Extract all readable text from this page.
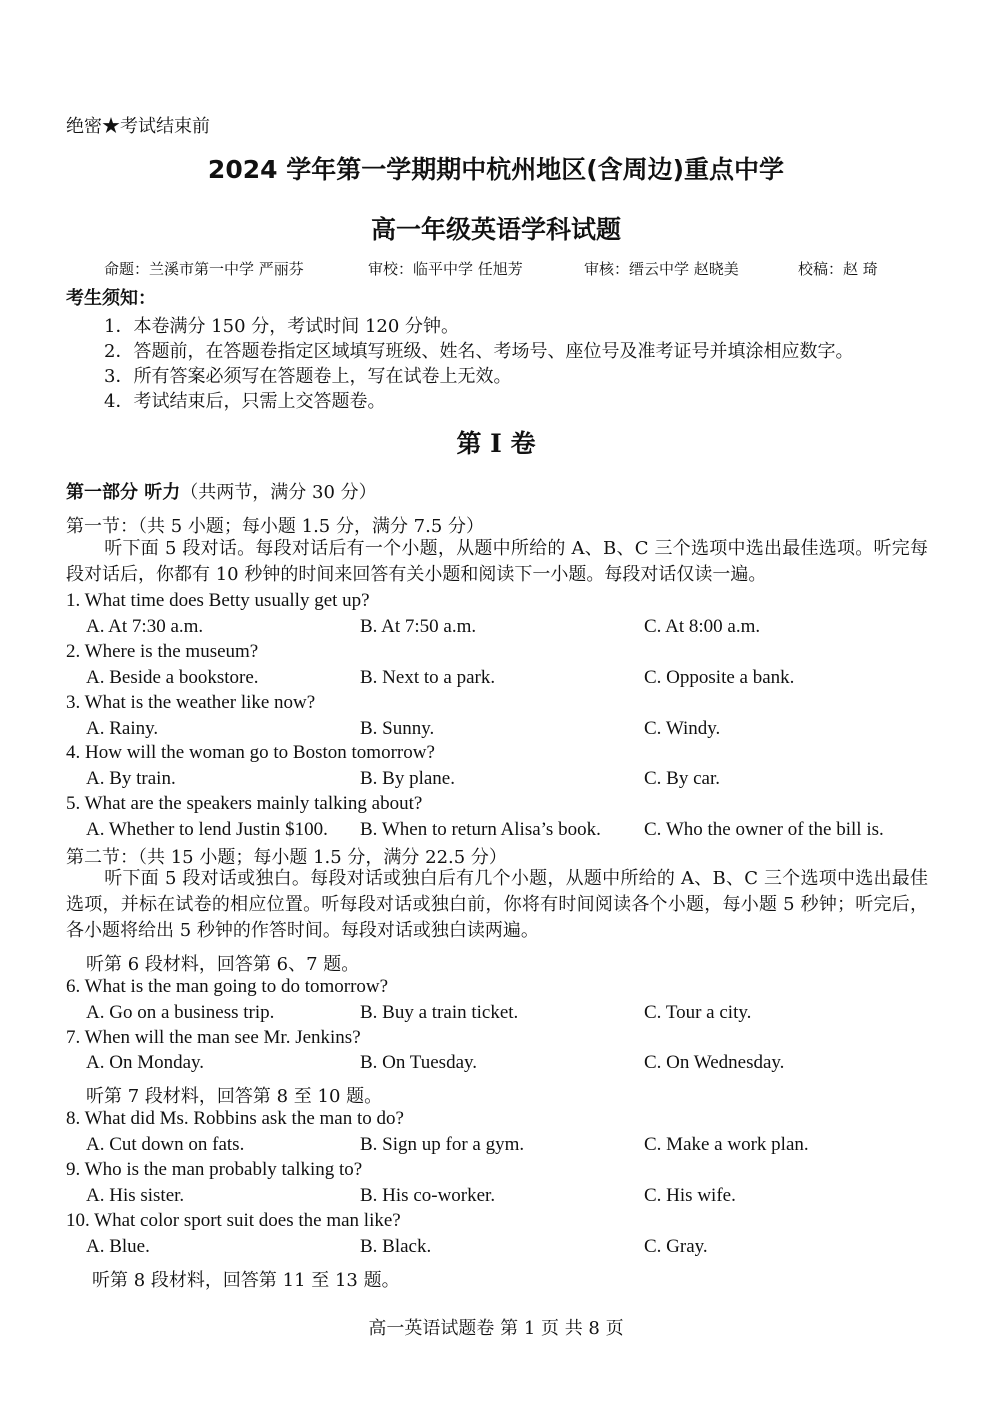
绝密★考试结束前
2024 学年第一学期期中杭州地区(含周边)重点中学
高一年级英语学科试题
命题：兰溪市第一中学 严丽芬	审校：临平中学 任旭芳	审核：缙云中学 赵晓美	校稿：赵 琦
考生须知：
1．本卷满分 150 分，考试时间 120 分钟。
2．答题前，在答题卷指定区域填写班级、姓名、考场号、座位号及准考证号并填涂相应数字。
3．所有答案必须写在答题卷上，写在试卷上无效。
4．考试结束后，只需上交答题卷。
第 I 卷
第一部分 听力（共两节，满分 30 分）
第一节：（共 5 小题；每小题 1.5 分，满分 7.5 分）
听下面 5 段对话。每段对话后有一个小题，从题中所给的 A、B、C 三个选项中选出最佳选项。听完每段对话后，你都有 10 秒钟的时间来回答有关小题和阅读下一小题。每段对话仅读一遍。
1. What time does Betty usually get up?
A. At 7:30 a.m.	B. At 7:50 a.m.	C. At 8:00 a.m.
2. Where is the museum?
A. Beside a bookstore.	B. Next to a park.	C. Opposite a bank.
3. What is the weather like now?
A. Rainy.	B. Sunny.	C. Windy.
4. How will the woman go to Boston tomorrow?
A. By train.	B. By plane.	C. By car.
5. What are the speakers mainly talking about?
A. Whether to lend Justin $100. B. When to return Alisa’s book. C. Who the owner of the bill is.
第二节：（共 15 小题；每小题 1.5 分，满分 22.5 分）
听下面 5 段对话或独白。每段对话或独白后有几个小题，从题中所给的 A、B、C 三个选项中选出最佳选项，并标在试卷的相应位置。听每段对话或独白前，你将有时间阅读各个小题，每小题 5 秒钟；听完后，各小题将给出 5 秒钟的作答时间。每段对话或独白读两遍。
听第 6 段材料，回答第 6、7 题。
6. What is the man going to do tomorrow?
A. Go on a business trip.	B. Buy a train ticket.	C. Tour a city.
7. When will the man see Mr. Jenkins?
A. On Monday.	B. On Tuesday.	C. On Wednesday.
听第 7 段材料，回答第 8 至 10 题。
8. What did Ms. Robbins ask the man to do?
A. Cut down on fats.	B. Sign up for a gym.	C. Make a work plan.
9. Who is the man probably talking to?
A. His sister.	B. His co-worker.	C. His wife.
10. What color sport suit does the man like?
A. Blue.	B. Black.	C. Gray.
听第 8 段材料，回答第 11 至 13 题。
高一英语试题卷 第 1 页 共 8 页
